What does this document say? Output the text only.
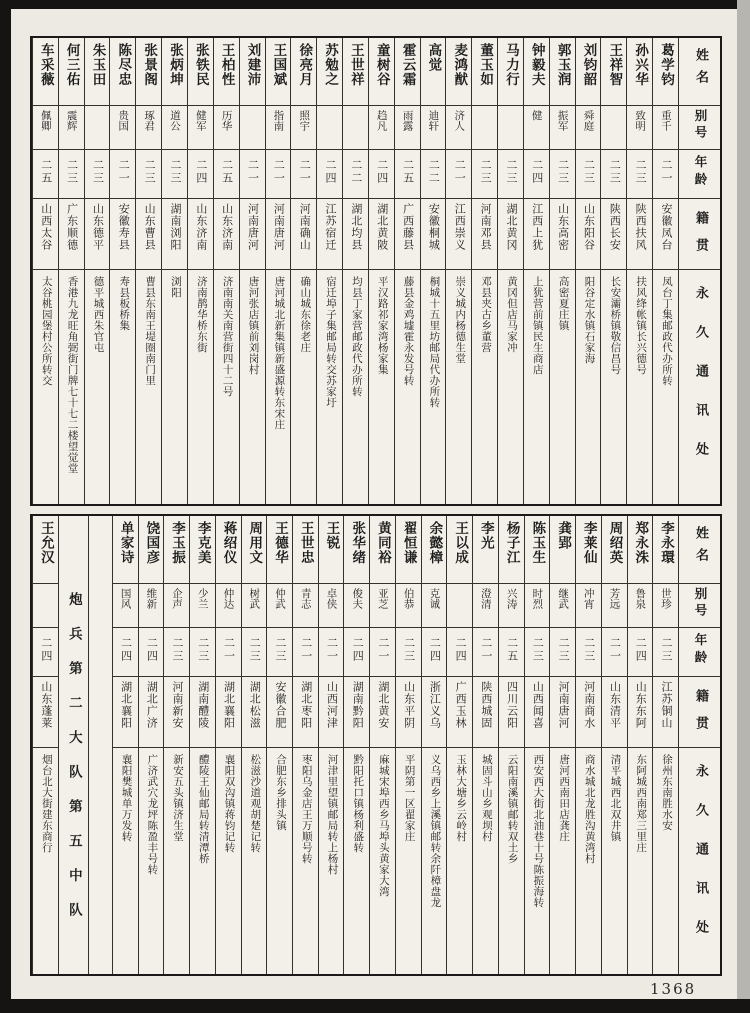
姓名
别号
年龄
籍贯
永久通讯处
葛学钧
重千
二一
安徽凤台
凤台丁集邮政代办所转
孙兴华
致明
二三
陕西扶风
扶风绛帐镇长兴德号
王祥智
二三
陕西长安
长安灞桥镇敬信昌号
刘钧韶
舜庭
二三
山东阳谷
阳谷定水镇石家海
郭玉润
振军
二三
山东高密
高密夏庄镇
钟毅夫
健
二四
江西上犹
上犹营前镇民生商店
马力行
二三
湖北黄冈
黄冈但店马家冲
董玉如
二三
河南邓县
邓县夹古乡董营
麦鸿猷
济人
二一
江西崇义
崇义城内杨德生堂
高觉
迪轩
二二
安徽桐城
桐城十五里坊邮局代办所转
霍云霜
雨露
二五
广西藤县
藤县金鸡墟霍永发号转
童树谷
趋凡
二四
湖北黄陂
平汉路祁家湾杨家集
王世祥
二二
湖北均县
均县丁家营邮政代办所转
苏勉之
二四
江苏宿迁
宿迁埠子集邮局转交苏家圩
徐亮月
照宇
二一
河南确山
确山城东徐老庄
王国斌
指南
二一
河南唐河
唐河城北新集镇新盛源转东宋庄
刘建沛
二一
河南唐河
唐河张店镇前刘岗村
王柏性
历华
二五
山东济南
济南南关南营街四十二号
张铁民
健军
二四
山东济南
济南鹊华桥东街
张炳坤
道公
二三
湖南浏阳
浏阳
张景阁
琢君
二三
山东曹县
曹县东南王堤圈南门里
陈尽忠
贵国
二一
安徽寿县
寿县板桥集
朱玉田
二三
山东德平
德平城西朱官屯
何三佑
震辉
二三
广东顺德
香港九龙旺角弼街门牌七十七二楼望觉堂
车采薇
佩卿
二五
山西太谷
太谷桃园堡村公所转交
姓名
别号
年龄
籍贯
永久通讯处
李永環
世珍
二三
江苏铜山
徐州东南胜水安
郑永洙
鲁泉
二四
山东东阿
东阿城西南郑三里庄
周绍英
芳远
二一
山东清平
清平城西北双井镇
李莱仙
冲宵
二三
河南商水
商水城北龙胜沟黄湾村
龚郢
继武
二三
河南唐河
唐河西南田店龚庄
陈玉生
时烈
二三
山西闻喜
西安西大街北油巷十号陈振海转
杨子江
兴涛
二五
四川云阳
云阳南溪镇邮转双土乡
李光
澄清
二一
陕西城固
城固斗山乡观坝村
王以成
二四
广西玉林
玉林大塘乡云岭村
余懿樟
克诚
二四
浙江义乌
义乌西乡上溪镇邮转余阡樟盘龙
翟恒谦
伯恭
二三
山东平阴
平阴第一区翟家庄
黄同裕
亚芝
二一
湖北黄安
麻城宋埠西乡马埠头黄家大湾
张华绪
俊夫
二四
湖南黔阳
黔阳托口镇杨利盛转
王锐
卓侠
二一
山西河津
河津里望镇邮局转上杨村
王世忠
青志
二一
湖北枣阳
枣阳乌金店王万顺号转
王德华
仲武
二三
安徽合肥
合肥东乡排头镇
周用文
树武
二三
湖北松滋
松滋沙道观胡楚记转
蒋绍仪
仲达
二一
湖北襄阳
襄阳双沟镇蒋钧记转
李克美
少兰
二三
湖南醴陵
醴陵王仙邮局转清潭桥
李玉振
企声
二三
河南新安
新安五头镇济生堂
饶国彦
维新
二四
湖北广济
广济武穴龙坪陈盈丰号转
单家诗
国风
二四
湖北襄阳
襄阳樊城单万发转
炮兵第二大队第五中队
王允汉
二四
山东蓬莱
烟台北大街建东商行
1368
